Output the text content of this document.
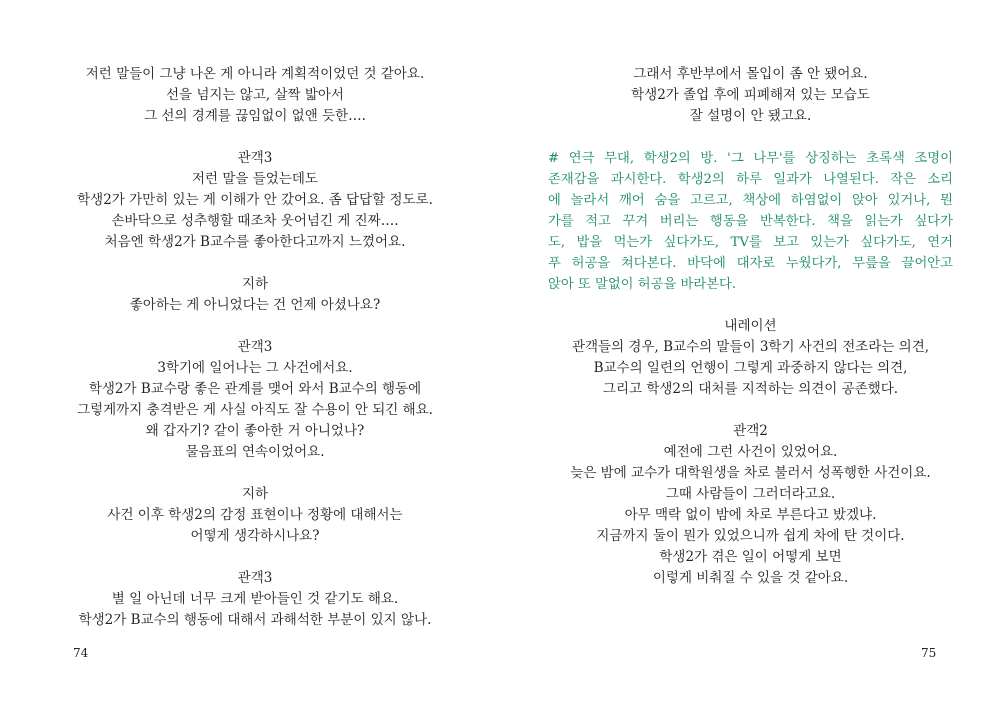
저런 말들이 그냥 나온 게 아니라 계획적이었던 것 같아요.
선을 넘지는 않고, 살짝 밟아서
그 선의 경계를 끊임없이 없앤 듯한….
관객3
저런 말을 들었는데도
학생2가 가만히 있는 게 이해가 안 갔어요. 좀 답답할 정도로.
손바닥으로 성추행할 때조차 웃어넘긴 게 진짜….
처음엔 학생2가 B교수를 좋아한다고까지 느꼈어요.
지하
좋아하는 게 아니었다는 건 언제 아셨나요?
관객3
3학기에 일어나는 그 사건에서요.
학생2가 B교수랑 좋은 관계를 맺어 와서 B교수의 행동에
그렇게까지 충격받은 게 사실 아직도 잘 수용이 안 되긴 해요.
왜 갑자기? 같이 좋아한 거 아니었나?
물음표의 연속이었어요.
지하
사건 이후 학생2의 감정 표현이나 정황에 대해서는
어떻게 생각하시나요?
관객3
별 일 아닌데 너무 크게 받아들인 것 같기도 해요.
학생2가 B교수의 행동에 대해서 과해석한 부분이 있지 않나.
74
그래서 후반부에서 몰입이 좀 안 됐어요.
학생2가 졸업 후에 피폐해져 있는 모습도
잘 설명이 안 됐고요.
# 연극 무대, 학생2의 방. '그 나무'를 상징하는 초록색 조명이
존재감을 과시한다. 학생2의 하루 일과가 나열된다. 작은 소리
에 놀라서 깨어 숨을 고르고, 책상에 하염없이 앉아 있거나, 뭔
가를 적고 꾸겨 버리는 행동을 반복한다. 책을 읽는가 싶다가
도, 밥을 먹는가 싶다가도, TV를 보고 있는가 싶다가도, 연거
푸 허공을 쳐다본다. 바닥에 대자로 누웠다가, 무릎을 끌어안고
앉아 또 말없이 허공을 바라본다.
내레이션
관객들의 경우, B교수의 말들이 3학기 사건의 전조라는 의견,
B교수의 일련의 언행이 그렇게 과중하지 않다는 의견,
그리고 학생2의 대처를 지적하는 의견이 공존했다.
관객2
예전에 그런 사건이 있었어요.
늦은 밤에 교수가 대학원생을 차로 불러서 성폭행한 사건이요.
그때 사람들이 그러더라고요.
아무 맥락 없이 밤에 차로 부른다고 밨겠냐.
지금까지 둘이 뭔가 있었으니까 쉽게 차에 탄 것이다.
학생2가 겪은 일이 어떻게 보면
이렇게 비춰질 수 있을 것 같아요.
75
